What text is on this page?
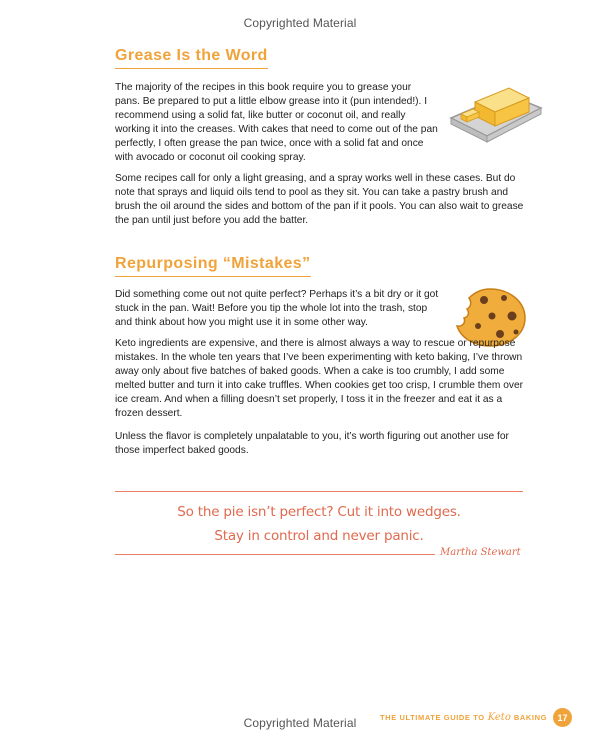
Copyrighted Material
Grease Is the Word

The majority of the recipes in this book require you to grease your pans. Be prepared to put a little elbow grease into it (pun intended!). I recommend using a solid fat, like butter or coconut oil, and really working it into the creases. With cakes that need to come out of the pan perfectly, I often grease the pan twice, once with a solid fat and once with avocado or coconut oil cooking spray.

Some recipes call for only a light greasing, and a spray works well in these cases. But do note that sprays and liquid oils tend to pool as they sit. You can take a pastry brush and brush the oil around the sides and bottom of the pan if it pools. You can also wait to grease the pan until just before you add the batter.

Repurposing “Mistakes”

Did something come out not quite perfect? Perhaps it’s a bit dry or it got stuck in the pan. Wait! Before you tip the whole lot into the trash, stop and think about how you might use it in some other way.

Keto ingredients are expensive, and there is almost always a way to rescue or repurpose mistakes. In the whole ten years that I’ve been experimenting with keto baking, I’ve thrown away only about five batches of baked goods. When a cake is too crumbly, I add some melted butter and turn it into cake truffles. When cookies get too crisp, I crumble them over ice cream. And when a filling doesn’t set properly, I toss it in the freezer and eat it as a frozen dessert.

Unless the flavor is completely unpalatable to you, it’s worth figuring out another use for those imperfect baked goods.

So the pie isn’t perfect? Cut it into wedges.
Stay in control and never panic.
Martha Stewart
THE ULTIMATE GUIDE TO Keto BAKING	17
Copyrighted Material
